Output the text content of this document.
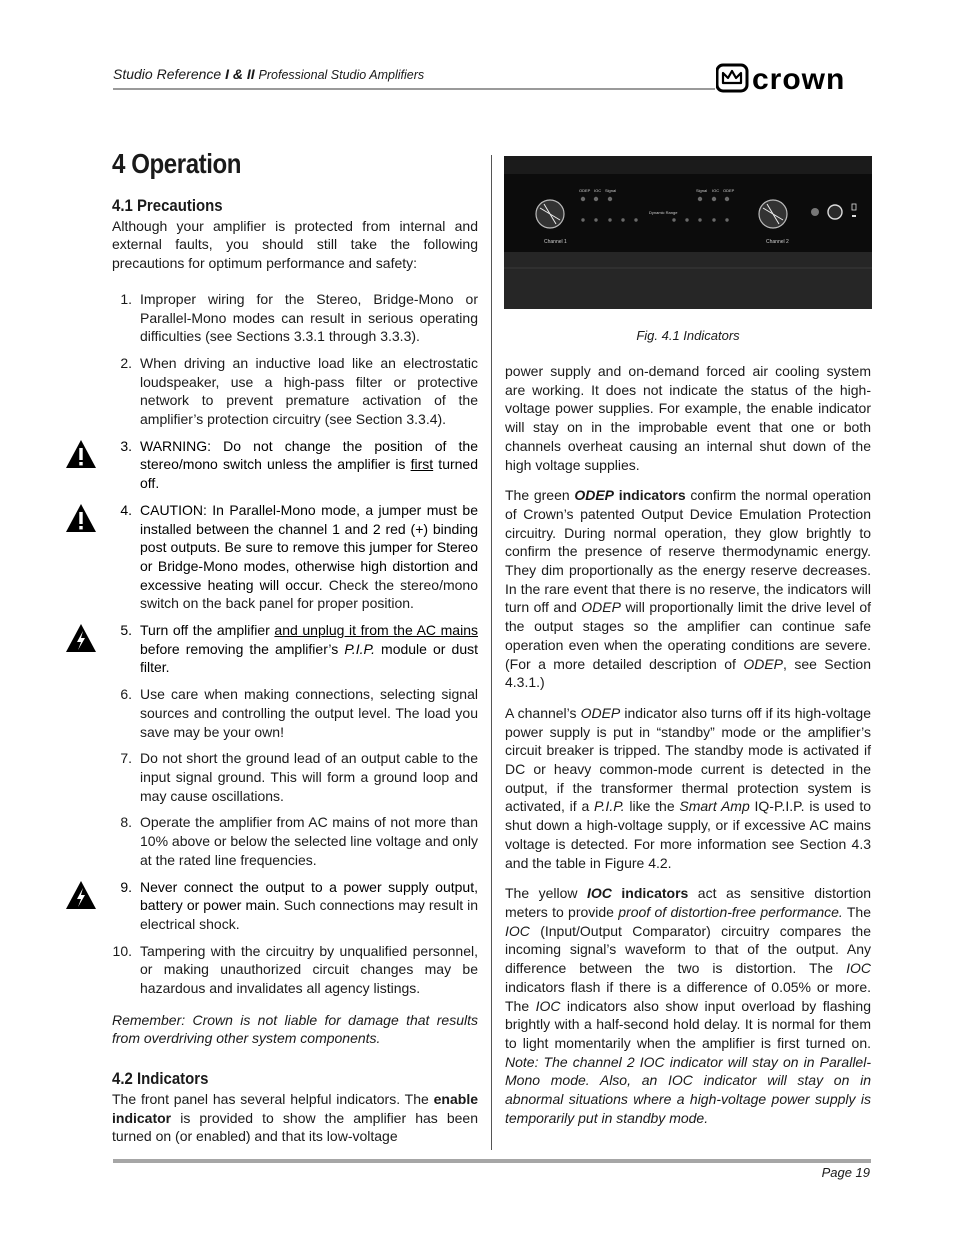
Studio Reference I & II Professional Studio Amplifiers	crown
4 Operation
4.1 Precautions

Although your amplifier is protected from internal and external faults, you should still take the following precautions for optimum performance and safety:

1. Improper wiring for the Stereo, Bridge-Mono or Parallel-Mono modes can result in serious operating difficulties (see Sections 3.3.1 through 3.3.3).
2. When driving an inductive load like an electrostatic loudspeaker, use a high-pass filter or protective network to prevent premature activation of the amplifier’s protection circuitry (see Section 3.3.4).
3. WARNING: Do not change the position of the stereo/mono switch unless the amplifier is first turned off.
4. CAUTION: In Parallel-Mono mode, a jumper must be installed between the channel 1 and 2 red (+) binding post outputs. Be sure to remove this jumper for Stereo or Bridge-Mono modes, otherwise high distortion and excessive heating will occur. Check the stereo/mono switch on the back panel for proper position.
5. Turn off the amplifier and unplug it from the AC mains before removing the amplifier’s P.I.P. module or dust filter.
6. Use care when making connections, selecting signal sources and controlling the output level. The load you save may be your own!
7. Do not short the ground lead of an output cable to the input signal ground. This will form a ground loop and may cause oscillations.
8. Operate the amplifier from AC mains of not more than 10% above or below the selected line voltage and only at the rated line frequencies.
9. Never connect the output to a power supply output, battery or power main. Such connections may result in electrical shock.
10. Tampering with the circuitry by unqualified personnel, or making unauthorized circuit changes may be hazardous and invalidates all agency listings.

Remember: Crown is not liable for damage that results from overdriving other system components.

4.2 Indicators

The front panel has several helpful indicators. The enable indicator is provided to show the amplifier has been turned on (or enabled) and that its low-voltage

Channel 1	Channel 2
ODEP IOC Signal	Signal IOC ODEP
Dynamic Range
Fig. 4.1 Indicators

power supply and on-demand forced air cooling system are working. It does not indicate the status of the high-voltage power supplies. For example, the enable indicator will stay on in the improbable event that one or both channels overheat causing an internal shut down of the high voltage supplies.

The green ODEP indicators confirm the normal operation of Crown’s patented Output Device Emulation Protection circuitry. During normal operation, they glow brightly to confirm the presence of reserve thermodynamic energy. They dim proportionally as the energy reserve decreases. In the rare event that there is no reserve, the indicators will turn off and ODEP will proportionally limit the drive level of the output stages so the amplifier can continue safe operation even when the operating conditions are severe. (For a more detailed description of ODEP, see Section 4.3.1.)

A channel’s ODEP indicator also turns off if its high-voltage power supply is put in “standby” mode or the amplifier’s circuit breaker is tripped. The standby mode is activated if DC or heavy common-mode current is detected in the output, if the transformer thermal protection system is activated, if a P.I.P. like the Smart Amp IQ-P.I.P. is used to shut down a high-voltage supply, or if excessive AC mains voltage is detected. For more information see Section 4.3 and the table in Figure 4.2.

The yellow IOC indicators act as sensitive distortion meters to provide proof of distortion-free performance. The IOC (Input/Output Comparator) circuitry compares the incoming signal’s waveform to that of the output. Any difference between the two is distortion. The IOC indicators flash if there is a difference of 0.05% or more. The IOC indicators also show input overload by flashing brightly with a half-second hold delay. It is normal for them to light momentarily when the amplifier is first turned on. Note: The channel 2 IOC indicator will stay on in Parallel-Mono mode. Also, an IOC indicator will stay on in abnormal situations where a high-voltage power supply is temporarily put in standby mode.

Page 19
